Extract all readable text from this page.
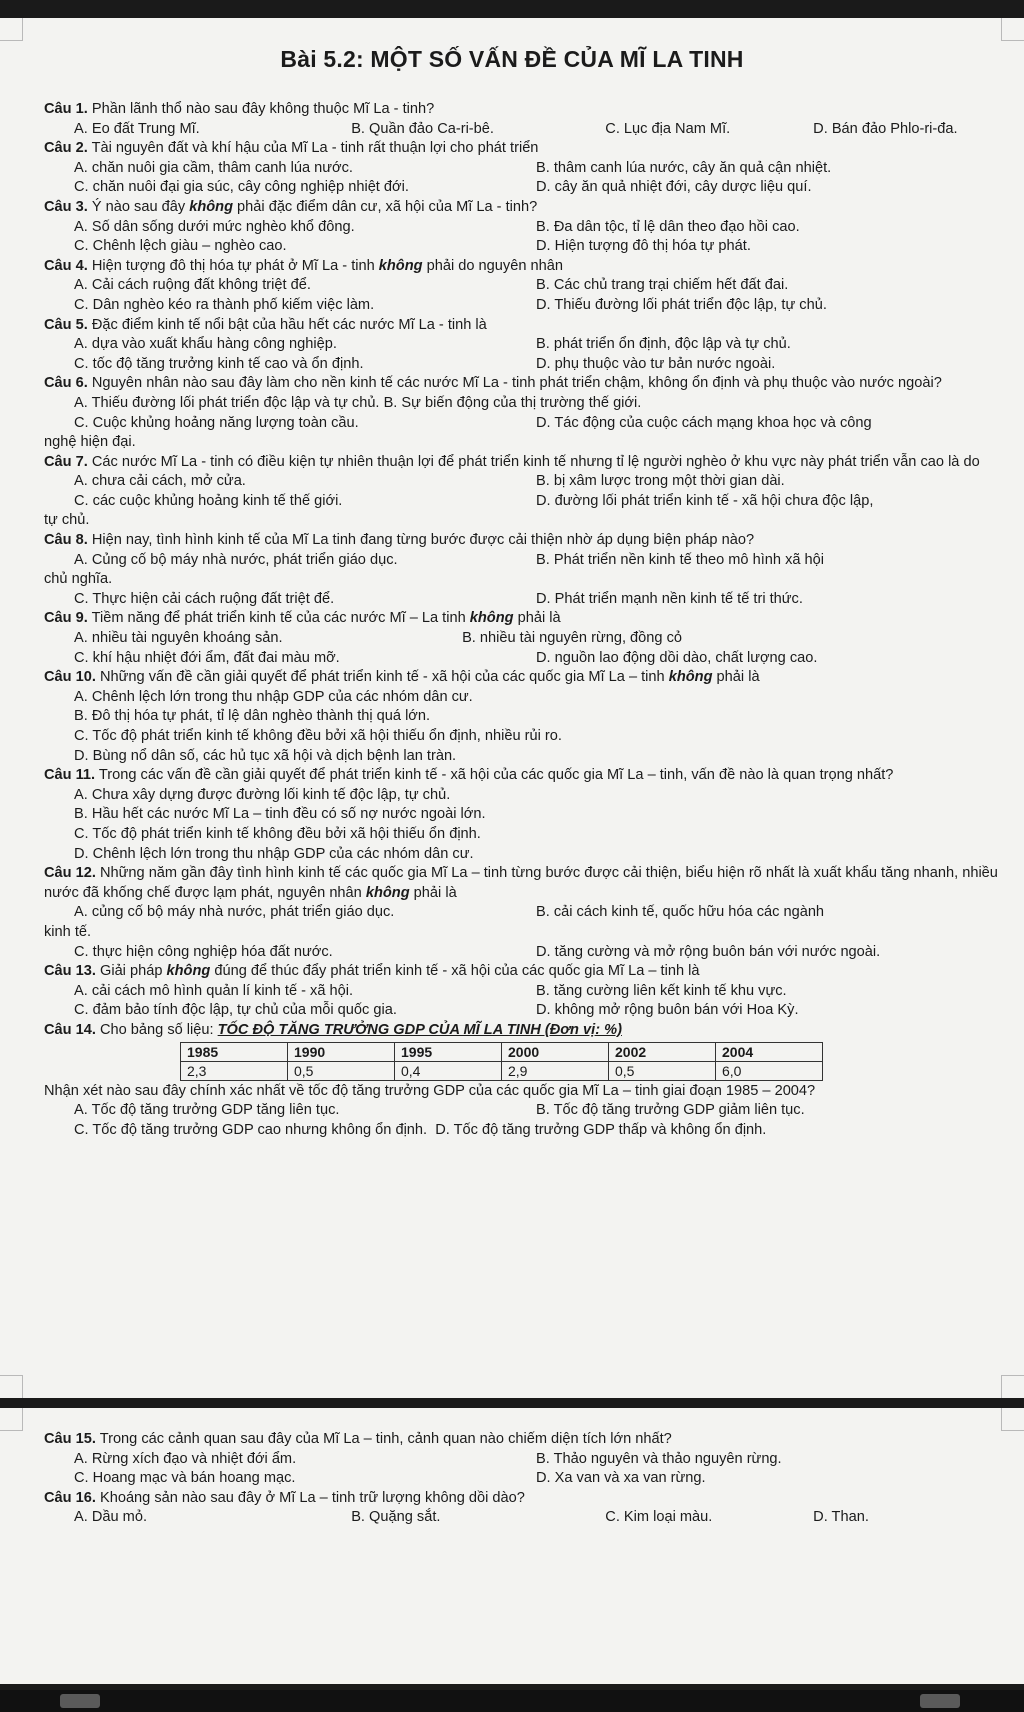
Bài 5.2: MỘT SỐ VẤN ĐỀ CỦA MĨ LA TINH

Câu 1. Phần lãnh thổ nào sau đây không thuộc Mĩ La - tinh?

A. Eo đất Trung Mĩ.	B. Quần đảo Ca-ri-bê.	C. Lục địa Nam Mĩ.	D. Bán đảo Phlo-ri-đa.

Câu 2. Tài nguyên đất và khí hậu của Mĩ La - tinh rất thuận lợi cho phát triển

A. chăn nuôi gia cầm, thâm canh lúa nước.	B. thâm canh lúa nước, cây ăn quả cận nhiệt.
C. chăn nuôi đại gia súc, cây công nghiệp nhiệt đới.	D. cây ăn quả nhiệt đới, cây dược liệu quí.

Câu 3. Ý nào sau đây không phải đặc điểm dân cư, xã hội của Mĩ La - tinh?

A. Số dân sống dưới mức nghèo khổ đông.	B. Đa dân tộc, tỉ lệ dân theo đạo hồi cao.
C. Chênh lệch giàu – nghèo cao.	D. Hiện tượng đô thị hóa tự phát.

Câu 4. Hiện tượng đô thị hóa tự phát ở Mĩ La - tinh không phải do nguyên nhân

A. Cải cách ruộng đất không triệt để.	B. Các chủ trang trại chiếm hết đất đai.
C. Dân nghèo kéo ra thành phố kiếm việc làm.	D. Thiếu đường lối phát triển độc lập, tự chủ.

Câu 5. Đặc điểm kinh tế nổi bật của hầu hết các nước Mĩ La - tinh là

A. dựa vào xuất khẩu hàng công nghiệp.	B. phát triển ổn định, độc lập và tự chủ.
C. tốc độ tăng trưởng kinh tế cao và ổn định.	D. phụ thuộc vào tư bản nước ngoài.

Câu 6. Nguyên nhân nào sau đây làm cho nền kinh tế các nước Mĩ La - tinh phát triển chậm, không ổn định và phụ thuộc vào nước ngoài?

A. Thiếu đường lối phát triển độc lập và tự chủ. B. Sự biến động của thị trường thế giới.
C. Cuộc khủng hoảng năng lượng toàn cầu.	D. Tác động của cuộc cách mạng khoa học và công

nghệ hiện đại.

Câu 7. Các nước Mĩ La - tinh có điều kiện tự nhiên thuận lợi để phát triển kinh tế nhưng tỉ lệ người nghèo ở khu vực này phát triển vẫn cao là do

A. chưa cải cách, mở cửa.	B. bị xâm lược trong một thời gian dài.
C. các cuộc khủng hoảng kinh tế thế giới.	D. đường lối phát triển kinh tế - xã hội chưa độc lập,

tự chủ.

Câu 8. Hiện nay, tình hình kinh tế của Mĩ La tinh đang từng bước được cải thiện nhờ áp dụng biện pháp nào?

A. Củng cố bộ máy nhà nước, phát triển giáo dục.	B. Phát triển nền kinh tế theo mô hình xã hội

chủ nghĩa.

C. Thực hiện cải cách ruộng đất triệt để.	D. Phát triển mạnh nền kinh tế tế tri thức.

Câu 9. Tiềm năng để phát triển kinh tế của các nước Mĩ – La tinh không phải là

A. nhiều tài nguyên khoáng sản.	B. nhiều tài nguyên rừng, đồng cỏ
C. khí hậu nhiệt đới ẩm, đất đai màu mỡ.	D. nguồn lao động dồi dào, chất lượng cao.

Câu 10. Những vấn đề cần giải quyết để phát triển kinh tế - xã hội của các quốc gia Mĩ La – tinh không phải là

A. Chênh lệch lớn trong thu nhập GDP của các nhóm dân cư.
B. Đô thị hóa tự phát, tỉ lệ dân nghèo thành thị quá lớn.
C. Tốc độ phát triển kinh tế không đều bởi xã hội thiếu ổn định, nhiều rủi ro.
D. Bùng nổ dân số, các hủ tục xã hội và dịch bệnh lan tràn.

Câu 11. Trong các vấn đề cần giải quyết để phát triển kinh tế - xã hội của các quốc gia Mĩ La – tinh, vấn đề nào là quan trọng nhất?

A. Chưa xây dựng được đường lối kinh tế độc lập, tự chủ.
B. Hầu hết các nước Mĩ La – tinh đều có số nợ nước ngoài lớn.
C. Tốc độ phát triển kinh tế không đều bởi xã hội thiếu ổn định.
D. Chênh lệch lớn trong thu nhập GDP của các nhóm dân cư.

Câu 12. Những năm gần đây tình hình kinh tế các quốc gia Mĩ La – tinh từng bước được cải thiện, biểu hiện rõ nhất là xuất khẩu tăng nhanh, nhiều nước đã khống chế được lạm phát, nguyên nhân không phải là

A. củng cố bộ máy nhà nước, phát triển giáo dục.	B. cải cách kinh tế, quốc hữu hóa các ngành

kinh tế.

C. thực hiện công nghiệp hóa đất nước.	D. tăng cường và mở rộng buôn bán với nước ngoài.

Câu 13. Giải pháp không đúng để thúc đẩy phát triển kinh tế - xã hội của các quốc gia Mĩ La – tinh là

A. cải cách mô hình quản lí kinh tế - xã hội.	B. tăng cường liên kết kinh tế khu vực.
C. đảm bảo tính độc lập, tự chủ của mỗi quốc gia.	D. không mở rộng buôn bán với Hoa Kỳ.

Câu 14. Cho bảng số liệu: TỐC ĐỘ TĂNG TRƯỞNG GDP CỦA MĨ LA TINH (Đơn vị: %)

1985	1990	1995	2000	2002	2004
2,3	0,5	0,4	2,9	0,5	6,0

Nhận xét nào sau đây chính xác nhất về tốc độ tăng trưởng GDP của các quốc gia Mĩ La – tinh giai đoạn 1985 – 2004?

A. Tốc độ tăng trưởng GDP tăng liên tục.	B. Tốc độ tăng trưởng GDP giảm liên tục.
C. Tốc độ tăng trưởng GDP cao nhưng không ổn định. D. Tốc độ tăng trưởng GDP thấp và không ổn định.

Câu 15. Trong các cảnh quan sau đây của Mĩ La – tinh, cảnh quan nào chiếm diện tích lớn nhất?

A. Rừng xích đạo và nhiệt đới ẩm.	B. Thảo nguyên và thảo nguyên rừng.
C. Hoang mạc và bán hoang mạc.	D. Xa van và xa van rừng.

Câu 16. Khoáng sản nào sau đây ở Mĩ La – tinh trữ lượng không dồi dào?

A. Dầu mỏ.	B. Quặng sắt.	C. Kim loại màu.	D. Than.
